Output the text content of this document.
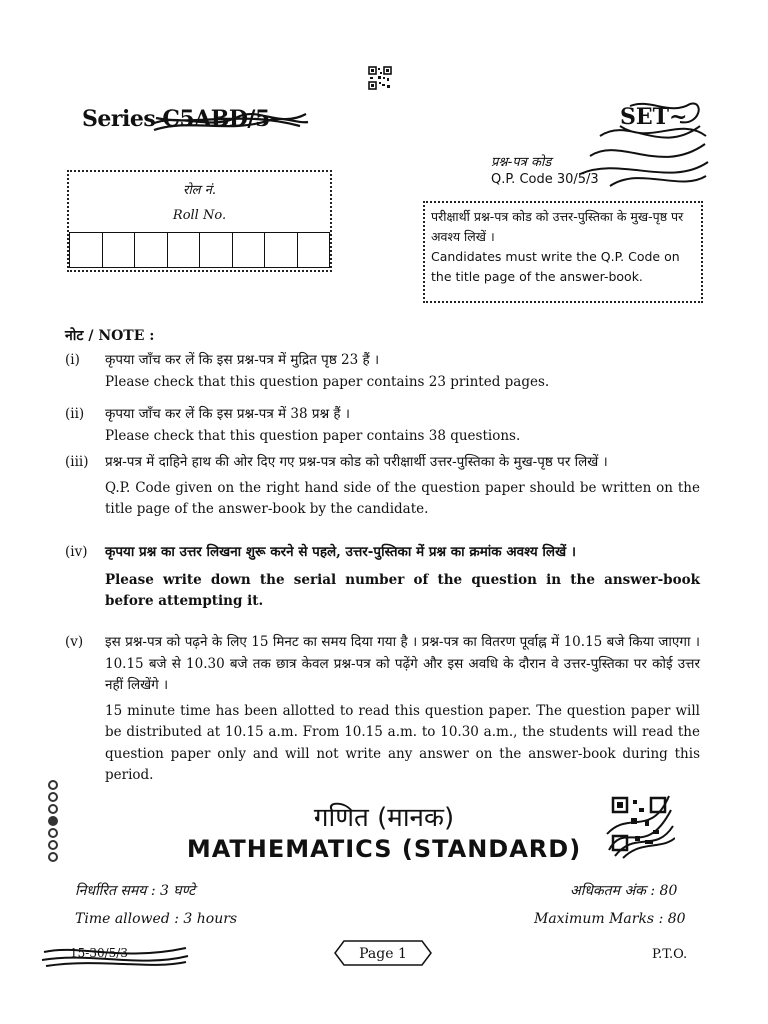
Series C5ABD/5	SET~
प्रश्न-पत्र कोड
Q.P. Code 30/5/3
रोल नं.
Roll No.	परीक्षार्थी प्रश्न-पत्र कोड को उत्तर-पुस्तिका के मुख-पृष्ठ पर अवश्य लिखें ।
Candidates must write the Q.P. Code on the title page of the answer-book.
नोट / NOTE :
(i)	कृपया जाँच कर लें कि इस प्रश्न-पत्र में मुद्रित पृष्ठ 23 हैं ।
Please check that this question paper contains 23 printed pages.
(ii)	कृपया जाँच कर लें कि इस प्रश्न-पत्र में 38 प्रश्न हैं ।
Please check that this question paper contains 38 questions.
(iii)	प्रश्न-पत्र में दाहिने हाथ की ओर दिए गए प्रश्न-पत्र कोड को परीक्षार्थी उत्तर-पुस्तिका के मुख-पृष्ठ पर लिखें ।
Q.P. Code given on the right hand side of the question paper should be written on the title page of the answer-book by the candidate.
(iv)	कृपया प्रश्न का उत्तर लिखना शुरू करने से पहले, उत्तर-पुस्तिका में प्रश्न का क्रमांक अवश्य लिखें ।
Please write down the serial number of the question in the answer-book before attempting it.
(v)	इस प्रश्न-पत्र को पढ़ने के लिए 15 मिनट का समय दिया गया है । प्रश्न-पत्र का वितरण पूर्वाह्न में 10.15 बजे किया जाएगा । 10.15 बजे से 10.30 बजे तक छात्र केवल प्रश्न-पत्र को पढ़ेंगे और इस अवधि के दौरान वे उत्तर-पुस्तिका पर कोई उत्तर नहीं लिखेंगे ।
15 minute time has been allotted to read this question paper. The question paper will be distributed at 10.15 a.m. From 10.15 a.m. to 10.30 a.m., the students will read the question paper only and will not write any answer on the answer-book during this period.
गणित (मानक)
MATHEMATICS (STANDARD)
निर्धारित समय : 3 घण्टे	अधिकतम अंक : 80
Time allowed : 3 hours	Maximum Marks : 80
15-30/5/3	Page 1	P.T.O.
